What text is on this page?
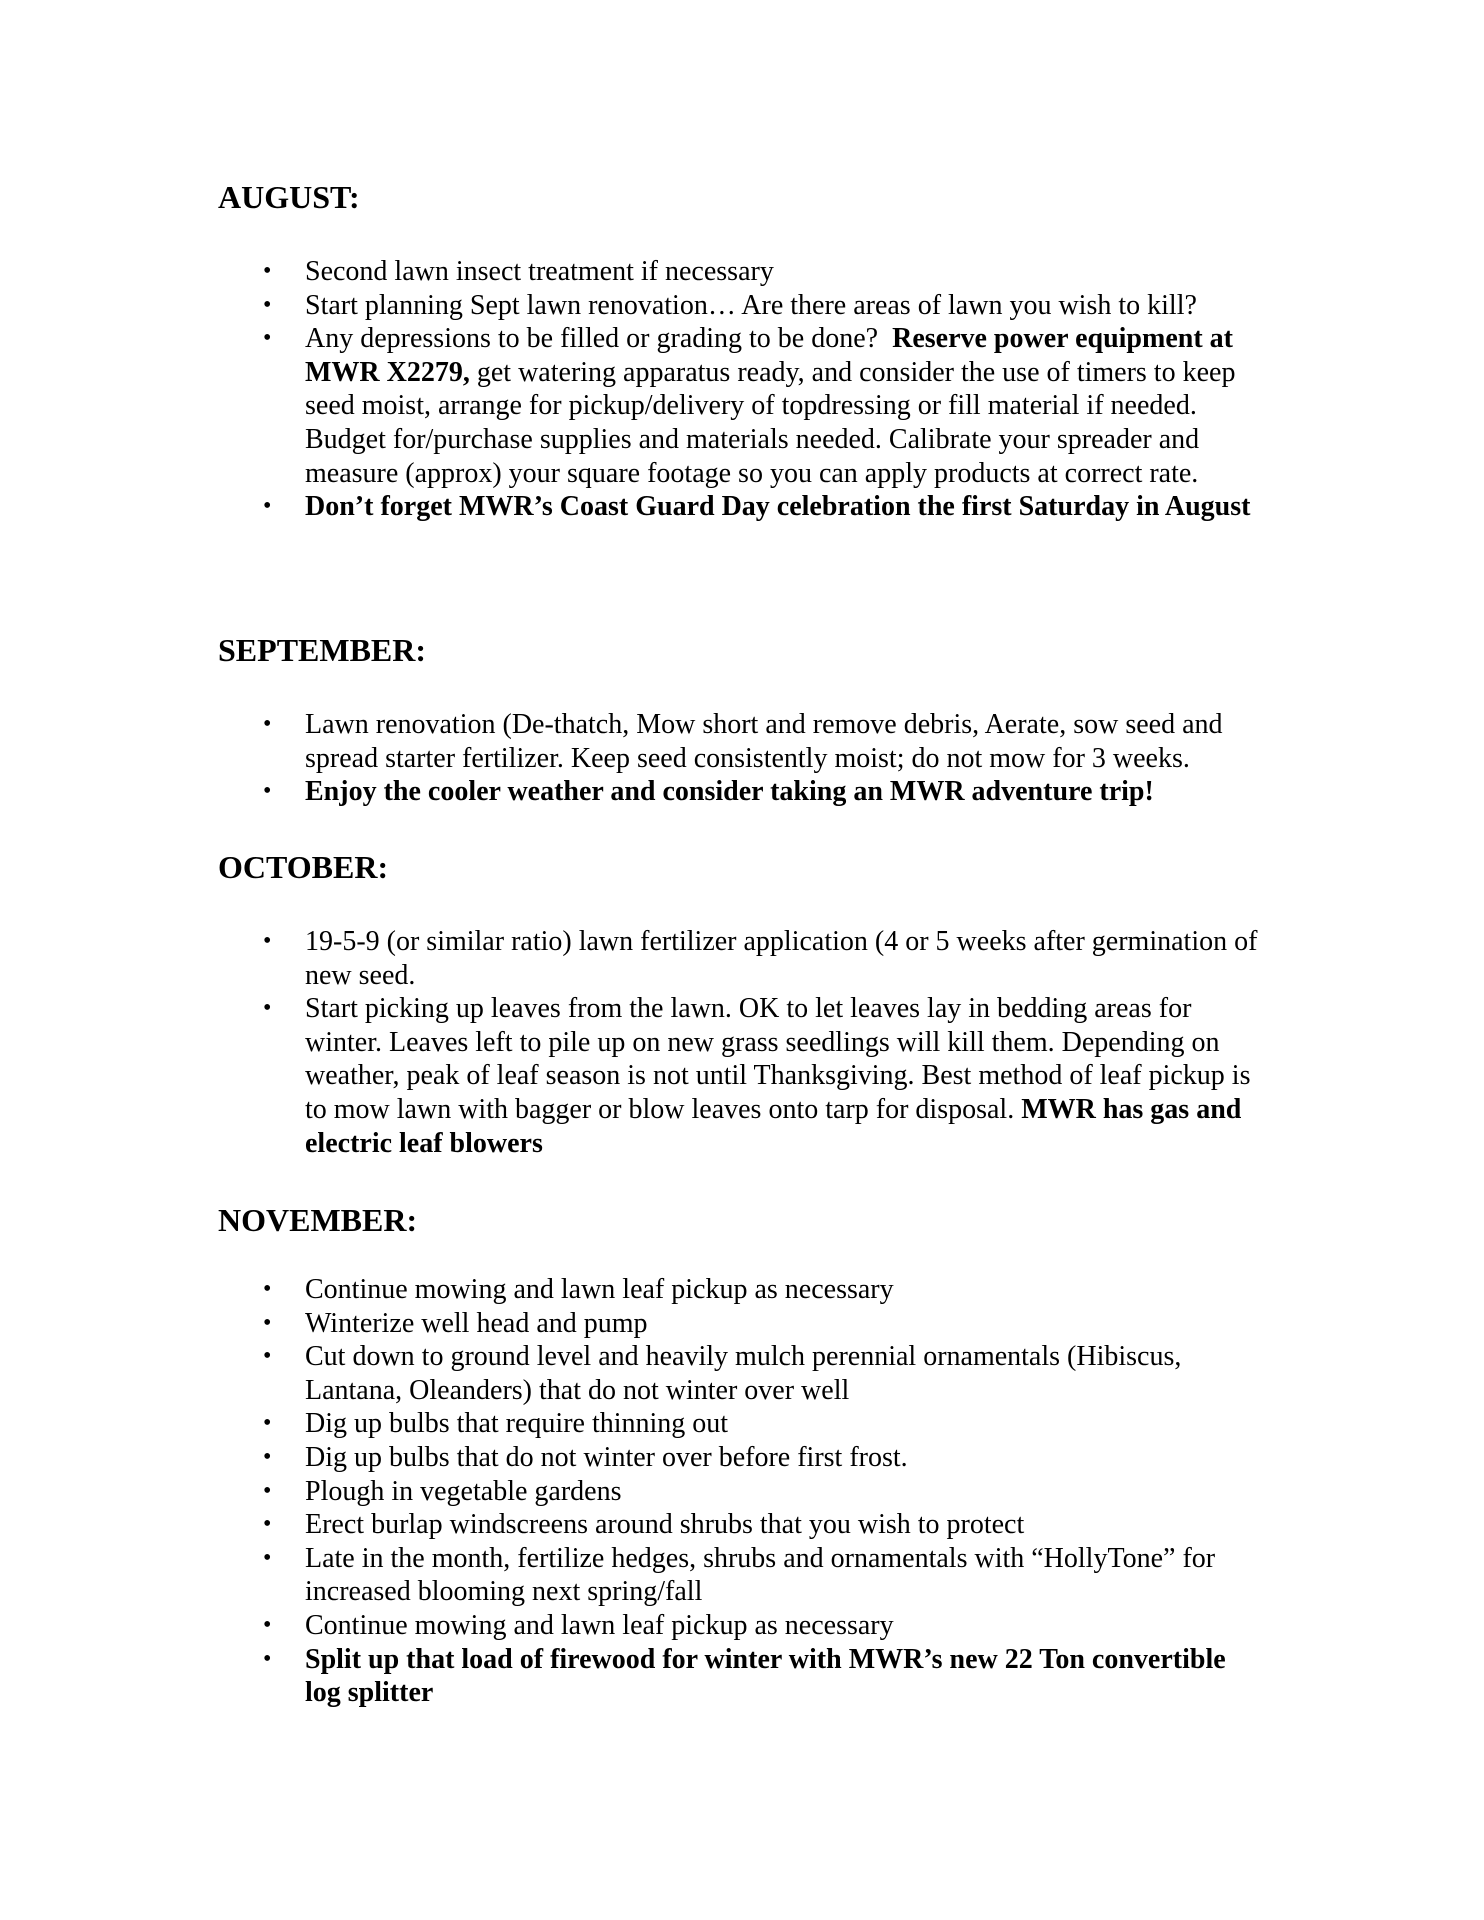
AUGUST:
• Second lawn insect treatment if necessary
• Start planning Sept lawn renovation… Are there areas of lawn you wish to kill?
• Any depressions to be filled or grading to be done?  Reserve power equipment at MWR X2279, get watering apparatus ready, and consider the use of timers to keep seed moist, arrange for pickup/delivery of topdressing or fill material if needed. Budget for/purchase supplies and materials needed. Calibrate your spreader and measure (approx) your square footage so you can apply products at correct rate.
• Don’t forget MWR’s Coast Guard Day celebration the first Saturday in August
SEPTEMBER:
• Lawn renovation (De-thatch, Mow short and remove debris, Aerate, sow seed and spread starter fertilizer. Keep seed consistently moist; do not mow for 3 weeks.
• Enjoy the cooler weather and consider taking an MWR adventure trip!
OCTOBER:
• 19-5-9 (or similar ratio) lawn fertilizer application (4 or 5 weeks after germination of new seed.
• Start picking up leaves from the lawn. OK to let leaves lay in bedding areas for winter. Leaves left to pile up on new grass seedlings will kill them. Depending on weather, peak of leaf season is not until Thanksgiving. Best method of leaf pickup is to mow lawn with bagger or blow leaves onto tarp for disposal. MWR has gas and electric leaf blowers
NOVEMBER:
• Continue mowing and lawn leaf pickup as necessary
• Winterize well head and pump
• Cut down to ground level and heavily mulch perennial ornamentals (Hibiscus, Lantana, Oleanders) that do not winter over well
• Dig up bulbs that require thinning out
• Dig up bulbs that do not winter over before first frost.
• Plough in vegetable gardens
• Erect burlap windscreens around shrubs that you wish to protect
• Late in the month, fertilize hedges, shrubs and ornamentals with “HollyTone” for increased blooming next spring/fall
• Continue mowing and lawn leaf pickup as necessary
• Split up that load of firewood for winter with MWR’s new 22 Ton convertible log splitter
